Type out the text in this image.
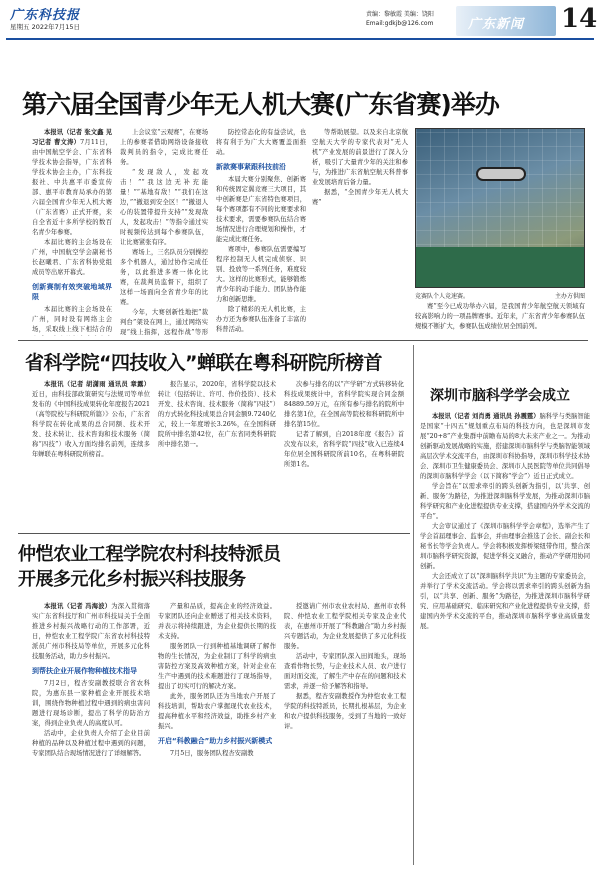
广东科技报
星期五 2022年7月15日
责编：黎敏霞 美编：饶阳
Email:gdkjb@126.com	广东新闻 14
第六届全国青少年无人机大赛(广东省赛)举办

本报讯（记者 张文鑫 见习记者 曹文涛）7月11日，由中国航空学会、广东省科学技术协会指导，广东省科学技术协会主办，广东科技报社、中共惠平市委宣传部、惠平市教育局承办的第六届全国青少年无人机大赛（广东省赛）正式开赛，来自全省近十多所学校的数百名青少年参赛。

本届比赛的主会场设在广州，中国航空学会副秘书长赵曦君、广东省科协党组成员等出席开幕式。

创新赛制有效突破地域界限

本届比赛的主会场设在广州，同时设有网络主会场，采取线上线下相结合的

上会议室“云观赛”，在赛场上的参赛者借助网络设备接收裁判员的指令，完成比赛任务。

“发现敌人，发起攻击！”“我这边无补充能量！”“基地有敌！”“我们在这边，”“撤退到安全区！”“撤退人心的装置带提升支持”“发现敌人，发起攻击！”等指令通过实时视频传达到每个参赛队伍，让比赛紧张有序。

赛场上，三名队员分别操控多个机器人，通过协作完成任务，以此推进多赛一体化比赛，在裁判员监督下，组织了这样一场面向全省青少年的比赛。

今年，大赛创新性地把“裁判台”架设在网上，通过网络实现“线上指挥，远程作战”等形

防控常态化的有益尝试，也将有利于为广大大赛覆盖面推动。

新款赛事紧跟科技前沿

本届大赛分别聚焦、创新赛和传统固定翼竞赛三大项目，其中创新赛是广东省特色赛项目，每个赛项都有不同的比赛要求和技术要求，需要参赛队伍结合赛场情况进行合理规划和操作，才能完成比赛任务。

赛项中，参赛队伍需要编写程序控制无人机完成侦察、识别、投放等一系列任务，难度较大。这样的比赛形式，能够锻炼青少年的动手能力、团队协作能力和创新思维。

除了精彩的无人机比赛，主办方还为参赛队伍准备了丰富的科普活动。

等帮助展望。以及来自北京航空航天大学的专家代表对“无人机”产业发展的前景进行了深入分析，吸引了大量青少年的关注和参与，为推进广东省航空航天科普事业发展培育后备力量。

据悉，“全国青少年无人机大赛”

竞赛队个人竞速赛。	主办方供图

赛”至今已成功举办六届，是我国青少年航空航天领域有较高影响力的一项品牌赛事。近年来，广东省青少年参赛队伍规模不断扩大，参赛队伍成绩位居全国前列。

省科学院“四技收入”蝉联在粤科研院所榜首

本报讯（记者 胡潇雨 通讯员 章露）近日，由科技部政策研究与法规司等单位发布的《中国科技成果转化年度报告2021（高等院校与科研院所篇）》公布，广东省科学院在转化成果的总合同额、技术开发、技术转让、技术咨询和技术服务（简称“四技”）收入方面均排名前列，连续多年蝉联在粤科研院所榜首。

报告显示，2020年，省科学院以技术转让（包括转让、许可、作价投资）、技术开发、技术咨询、技术服务（简称“四技”）的方式转化科技成果总合同金额9.7240亿元，较上一年度增长3.26%，在全国科研院所中排名第42位，在广东省同类科研院所中排名第一。

次参与排名的以“产学研”方式转移转化科技成果统计中，省科学院实现合同金额84889.59万元，在所有参与排名的院所中排名第1位，在全国高等院校和科研院所中排名第15位。

记者了解到，自2018年度《报告》首次发布以来，省科学院“四技”收入已连续4年位居全国科研院所前10名，在粤科研院所第1名。

仲恺农业工程学院农村科技特派员
开展多元化乡村振兴科技服务

本报讯（记者 冯海波）为深入贯彻落实广东省科技厅和广州市科技局关于全面推进乡村振兴战略行动的工作部署，近日，仲恺农业工程学院广东省农村科技特派员广州市科技局等单位，开展多元化科技服务活动，助力乡村振兴。

到帮扶企业开展作物种植技术指导

7月2日，程杏安副教授联合省农科院，为惠东县一家种植企业开展技术培训，围绕作物种植过程中遇到的病虫害问题进行现场诊断，提出了科学的防治方案，得到企业负责人的高度认可。

活动中，企业负责人介绍了企业目前种植的品种以及种植过程中遇到的问题，专家团队结合现场情况进行了详细解答。

产量和品质，提高企业的经济效益。专家团队还向企业赠送了相关技术资料，并表示将持续跟进，为企业提供长期的技术支持。

服务团队一行到种植基地调研了解作物的生长情况，为企业制订了科学的病虫害防控方案及高效种植方案，针对企业在生产中遇到的技术难题进行了现场指导，提出了切实可行的解决方案。

此外，服务团队还为当地农户开展了科技培训，帮助农户掌握现代农业技术，提高种植水平和经济效益，助推乡村产业振兴。

开启“科教融合”助力乡村振兴新模式

7月5日，服务团队程杏安副教

授邀请广州市农业农村局、惠州市农科院、仲恺农业工程学院相关专家及企业代表，在惠州市开展了“科教融合”助力乡村振兴专题活动，为企业发展提供了多元化科技服务。

活动中，专家团队深入田间地头，现场查看作物长势，与企业技术人员、农户进行面对面交流，了解生产中存在的问题和技术需求，并逐一给予解答和指导。

据悉，程杏安副教授作为仲恺农业工程学院的科技特派员，长期扎根基层，为企业和农户提供科技服务，受到了当地的一致好评。

深圳市脑科学学会成立

本报讯（记者 刘肖勇 通讯员 孙震霆）脑科学与类脑智能是国家“十四五”规划重点布局的科技方向，也是深圳市发展“20+8”产业集群中前瞻布局的8大未来产业之一。为推动创新驱动发展战略的实施，搭建深圳市脑科学与类脑智能领域高层次学术交流平台，由深圳市科协指导，深圳市科学技术协会、深圳市卫生健康委员会、深圳市人民医院等单位共同倡导的深圳市脑科学学会（以下简称“学会”）近日正式成立。

学会旨在“以需求牵引的跨头创新为指引，以‘共享、创新、服务’为路径，为推进深圳脑科学发展，为推动深圳市脑科学研究和产业化进程提供专业支撑，搭建国内外学术交流的平台”。

大会审议通过了《深圳市脑科学学会章程》，选举产生了学会首届理事会、监事会，并由理事会推选了会长、副会长和秘书长等学会负责人。学会将积极发挥桥梁纽带作用，整合深圳市脑科学研究资源，促进学科交叉融合，推动产学研用协同创新。

大会还成立了以“深圳脑科学共识”为主题的专家委员会，并举行了学术交流活动。学会将以需求牵引的跨头创新为指引，以“共享、创新、服务”为路径，为推进深圳市脑科学研究、应用基础研究、临床研究和产业化进程提供专业支撑，搭建国内外学术交流的平台，推动深圳市脑科学事业高质量发展。
